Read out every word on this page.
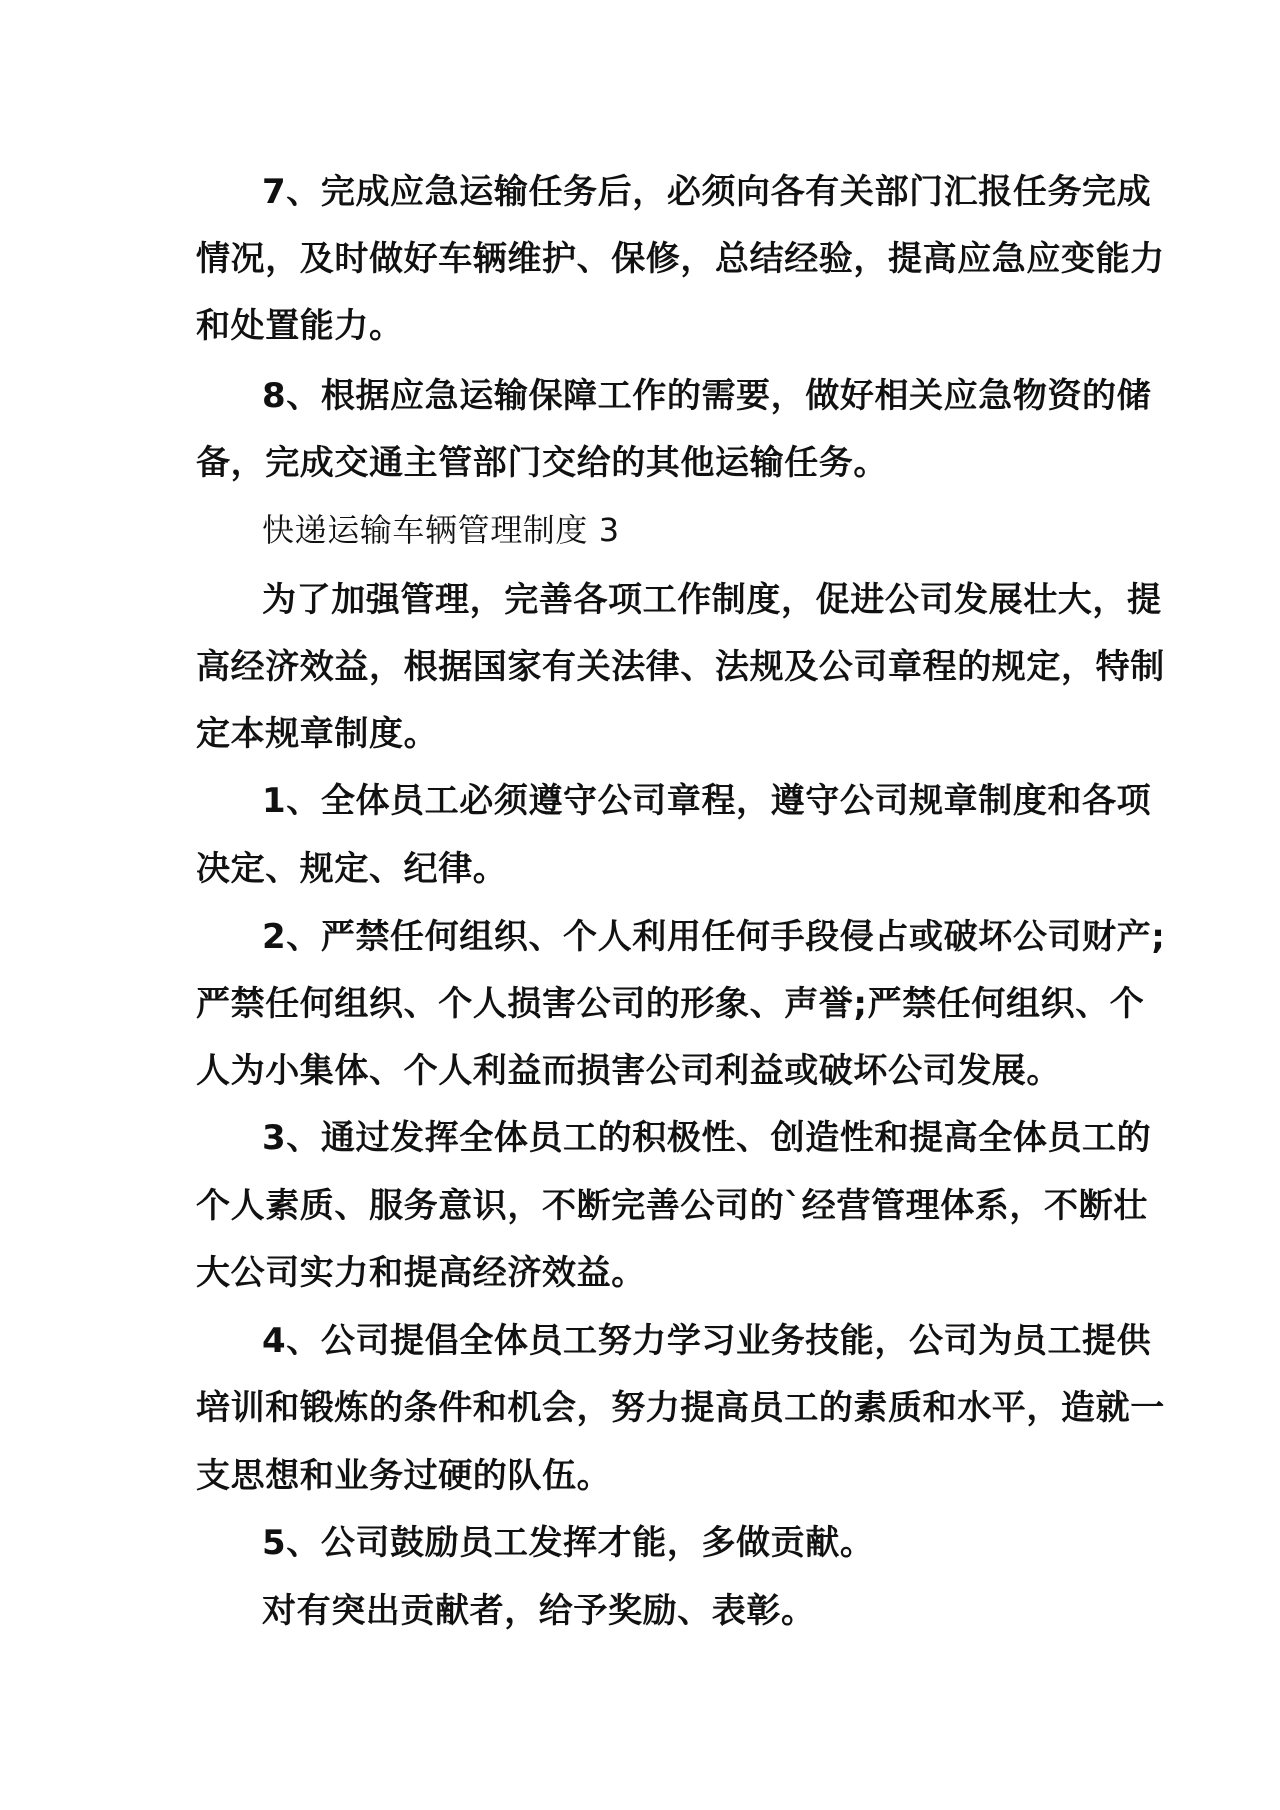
7、完成应急运输任务后，必须向各有关部门汇报任务完成
情况，及时做好车辆维护、保修，总结经验，提高应急应变能力
和处置能力。
8、根据应急运输保障工作的需要，做好相关应急物资的储
备，完成交通主管部门交给的其他运输任务。
快递运输车辆管理制度 3
为了加强管理，完善各项工作制度，促进公司发展壮大，提
高经济效益，根据国家有关法律、法规及公司章程的规定，特制
定本规章制度。
1、全体员工必须遵守公司章程，遵守公司规章制度和各项
决定、规定、纪律。
2、严禁任何组织、个人利用任何手段侵占或破坏公司财产;
严禁任何组织、个人损害公司的形象、声誉;严禁任何组织、个
人为小集体、个人利益而损害公司利益或破坏公司发展。
3、通过发挥全体员工的积极性、创造性和提高全体员工的
个人素质、服务意识，不断完善公司的`经营管理体系，不断壮
大公司实力和提高经济效益。
4、公司提倡全体员工努力学习业务技能，公司为员工提供
培训和锻炼的条件和机会，努力提高员工的素质和水平，造就一
支思想和业务过硬的队伍。
5、公司鼓励员工发挥才能，多做贡献。
对有突出贡献者，给予奖励、表彰。
